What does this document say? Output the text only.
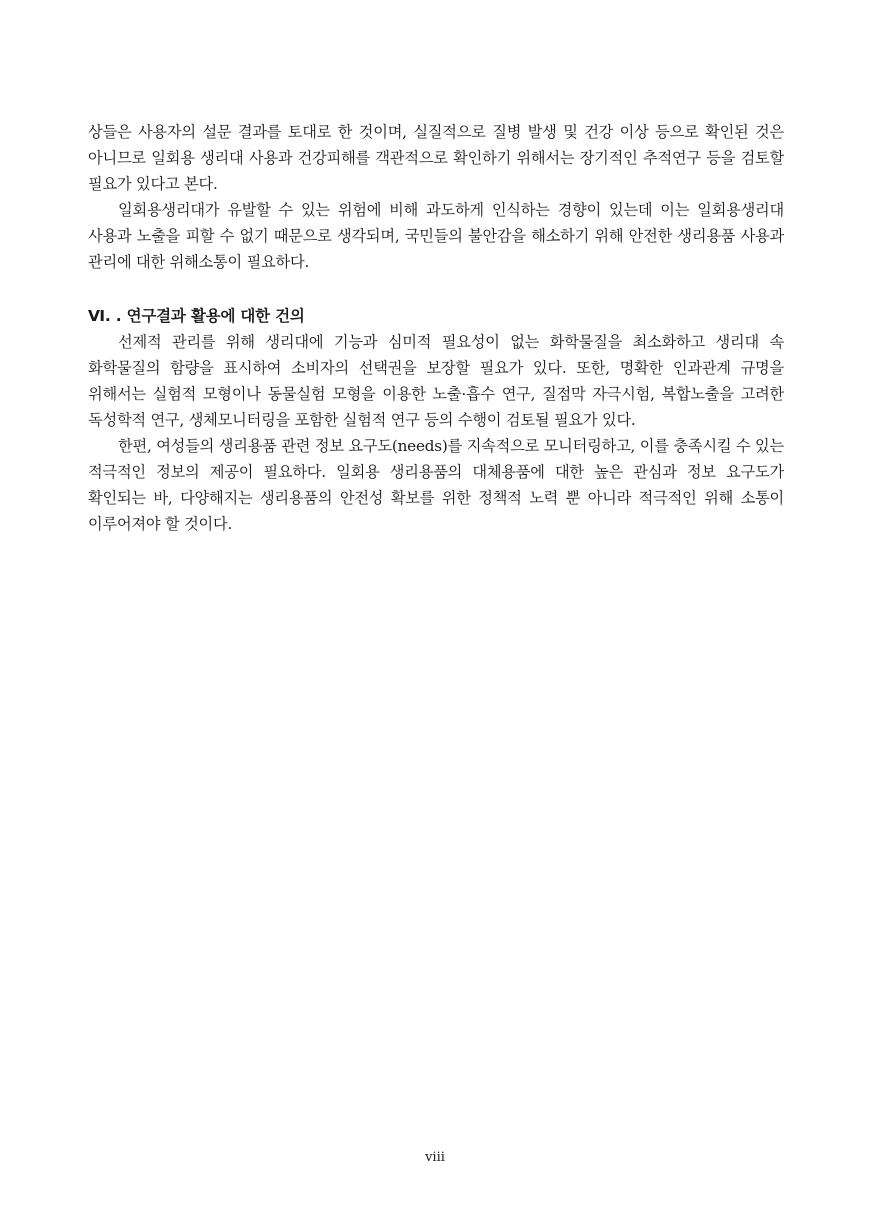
상들은 사용자의 설문 결과를 토대로 한 것이며, 실질적으로 질병 발생 및 건강 이상 등으로 확인된 것은 아니므로 일회용 생리대 사용과 건강피해를 객관적으로 확인하기 위해서는 장기적인 추적연구 등을 검토할 필요가 있다고 본다.

일회용생리대가 유발할 수 있는 위험에 비해 과도하게 인식하는 경향이 있는데 이는 일회용생리대 사용과 노출을 피할 수 없기 때문으로 생각되며, 국민들의 불안감을 해소하기 위해 안전한 생리용품 사용과 관리에 대한 위해소통이 필요하다.

Ⅵ. . 연구결과 활용에 대한 건의

선제적 관리를 위해 생리대에 기능과 심미적 필요성이 없는 화학물질을 최소화하고 생리대 속 화학물질의 함량을 표시하여 소비자의 선택권을 보장할 필요가 있다. 또한, 명확한 인과관계 규명을 위해서는 실험적 모형이나 동물실험 모형을 이용한 노출·흡수 연구, 질점막 자극시험, 복합노출을 고려한 독성학적 연구, 생체모니터링을 포함한 실험적 연구 등의 수행이 검토될 필요가 있다.

한편, 여성들의 생리용품 관련 정보 요구도(needs)를 지속적으로 모니터링하고, 이를 충족시킬 수 있는 적극적인 정보의 제공이 필요하다. 일회용 생리용품의 대체용품에 대한 높은 관심과 정보 요구도가 확인되는 바, 다양해지는 생리용품의 안전성 확보를 위한 정책적 노력 뿐 아니라 적극적인 위해 소통이 이루어져야 할 것이다.

viii
